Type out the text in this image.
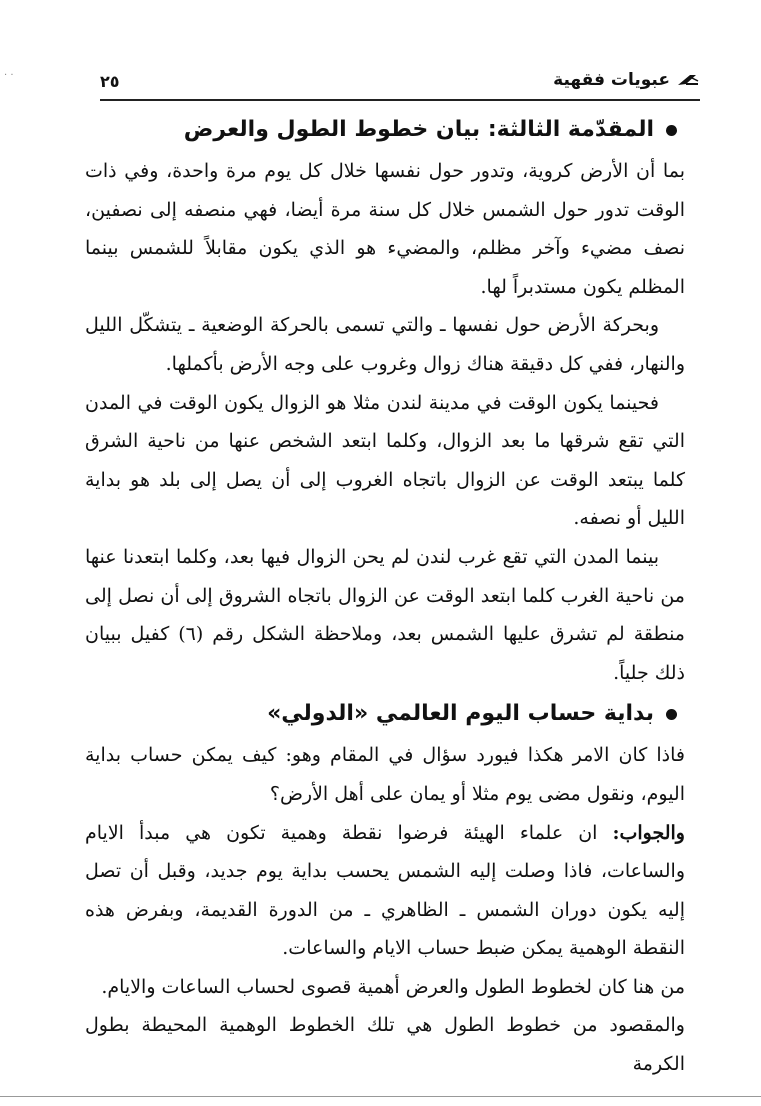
· ·	عبويات فقهية
٢٥
المقدّمة الثالثة: بيان خطوط الطول والعرض

بما أن الأرض كروية، وتدور حول نفسها خلال كل يوم مرة واحدة، وفي ذات الوقت تدور حول الشمس خلال كل سنة مرة أيضا، فهي منصفه إلى نصفين، نصف مضيء وآخر مظلم، والمضيء هو الذي يكون مقابلاً للشمس بينما المظلم يكون مستدبراً لها.

وبحركة الأرض حول نفسها ـ والتي تسمى بالحركة الوضعية ـ يتشكّل الليل والنهار، ففي كل دقيقة هناك زوال وغروب على وجه الأرض بأكملها.

فحينما يكون الوقت في مدينة لندن مثلا هو الزوال يكون الوقت في المدن التي تقع شرقها ما بعد الزوال، وكلما ابتعد الشخص عنها من ناحية الشرق كلما يبتعد الوقت عن الزوال باتجاه الغروب إلى أن يصل إلى بلد هو بداية الليل أو نصفه.

بينما المدن التي تقع غرب لندن لم يحن الزوال فيها بعد، وكلما ابتعدنا عنها من ناحية الغرب كلما ابتعد الوقت عن الزوال باتجاه الشروق إلى أن نصل إلى منطقة لم تشرق عليها الشمس بعد، وملاحظة الشكل رقم (٦) كفيل ببيان ذلك جلياً.

بداية حساب اليوم العالمي «الدولي»

فاذا كان الامر هكذا فيورد سؤال في المقام وهو: كيف يمكن حساب بداية اليوم، ونقول مضى يوم مثلا أو يمان على أهل الأرض؟

والجواب: ان علماء الهيئة فرضوا نقطة وهمية تكون هي مبدأ الايام والساعات، فاذا وصلت إليه الشمس يحسب بداية يوم جديد، وقبل أن تصل إليه يكون دوران الشمس ـ الظاهري ـ من الدورة القديمة، وبفرض هذه النقطة الوهمية يمكن ضبط حساب الايام والساعات.

من هنا كان لخطوط الطول والعرض أهمية قصوى لحساب الساعات والايام.

والمقصود من خطوط الطول هي تلك الخطوط الوهمية المحيطة بطول الكرمة
